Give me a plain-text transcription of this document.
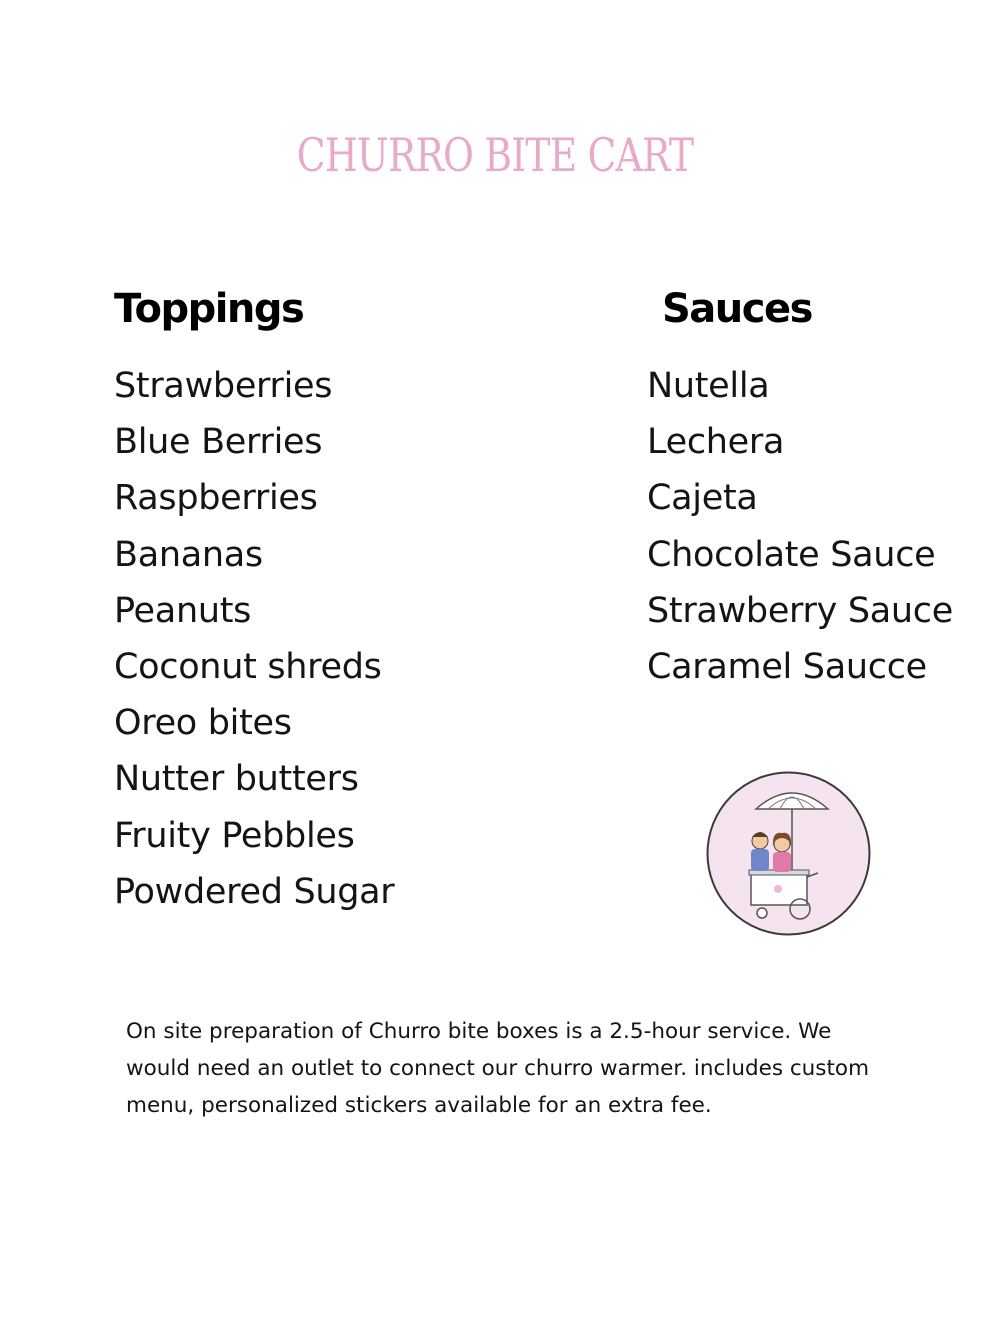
CHURRO BITE CART
Toppings	Sauces
Strawberries
Blue Berries
Raspberries
Bananas
Peanuts
Coconut shreds
Oreo bites
Nutter butters
Fruity Pebbles
Powdered Sugar
Nutella
Lechera
Cajeta
Chocolate Sauce
Strawberry Sauce
Caramel Saucce
On site preparation of Churro bite boxes is a 2.5-hour service. We would need an outlet to connect our churro warmer. includes custom menu, personalized stickers available for an extra fee.
